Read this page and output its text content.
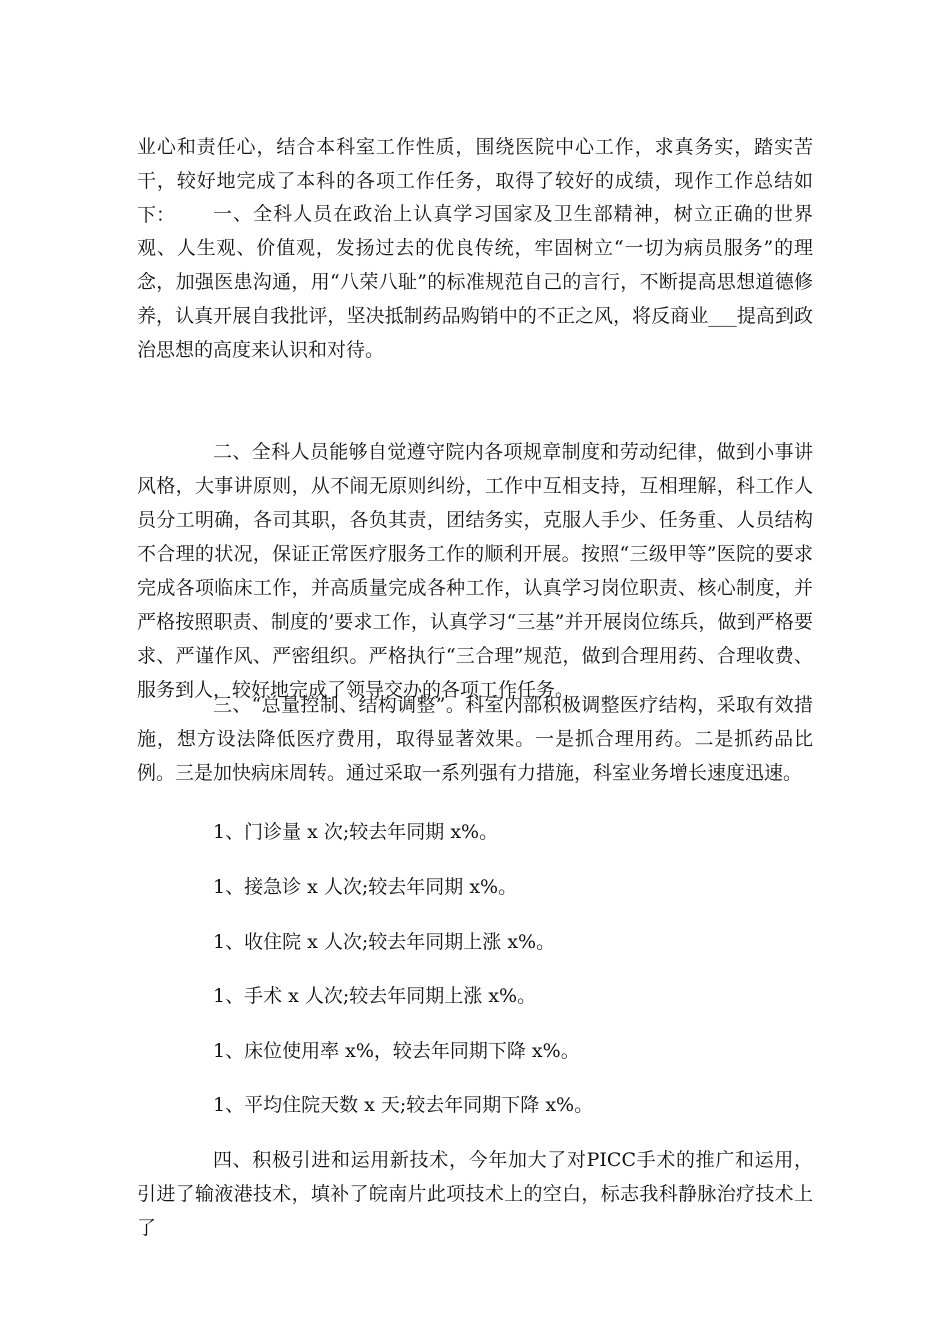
业心和责任心，结合本科室工作性质，围绕医院中心工作，求真务实，踏实苦干，较好地完成了本科的各项工作任务，取得了较好的成绩，现作工作总结如下：	一、全科人员在政治上认真学习国家及卫生部精神，树立正确的世界观、人生观、价值观，发扬过去的优良传统，牢固树立“一切为病员服务”的理念，加强医患沟通，用“八荣八耻”的标准规范自己的言行，不断提高思想道德修养，认真开展自我批评，坚决抵制药品购销中的不正之风，将反商业___提高到政治思想的高度来认识和对待。

二、全科人员能够自觉遵守院内各项规章制度和劳动纪律，做到小事讲风格，大事讲原则，从不闹无原则纠纷，工作中互相支持，互相理解，科工作人员分工明确，各司其职，各负其责，团结务实，克服人手少、任务重、人员结构不合理的状况，保证正常医疗服务工作的顺利开展。按照“三级甲等”医院的要求完成各项临床工作，并高质量完成各种工作，认真学习岗位职责、核心制度，并严格按照职责、制度的’要求工作，认真学习“三基”并开展岗位练兵，做到严格要求、严谨作风、严密组织。严格执行“三合理”规范，做到合理用药、合理收费、服务到人，较好地完成了领导交办的各项工作任务。

三、“总量控制、结构调整”。科室内部积极调整医疗结构，采取有效措施，想方设法降低医疗费用，取得显著效果。一是抓合理用药。二是抓药品比例。三是加快病床周转。通过采取一系列强有力措施，科室业务增长速度迅速。

1、门诊量 x 次;较去年同期 x%。

1、接急诊 x 人次;较去年同期 x%。

1、收住院 x 人次;较去年同期上涨 x%。

1、手术 x 人次;较去年同期上涨 x%。

1、床位使用率 x%，较去年同期下降 x%。

1、平均住院天数 x 天;较去年同期下降 x%。

四、积极引进和运用新技术，今年加大了对PICC手术的推广和运用，引进了输液港技术，填补了皖南片此项技术上的空白，标志我科静脉治疗技术上了
